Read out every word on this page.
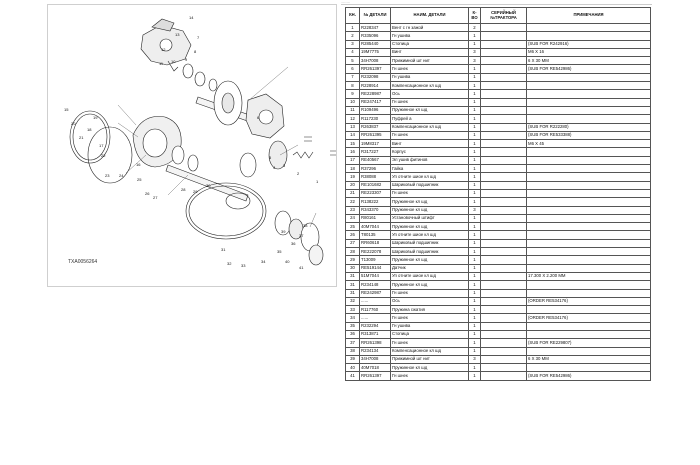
1
2
3
4
5
6
7
8
9
10
11
12
13
14
15
16
17
18
19
20
21
22
23 24
25
26
27
28 29
30
31
32 33
34
35
36
37
38
39
40
41
TXA0056264
...........
КН.	№ ДЕТАЛИ	НАИМ. ДЕТАЛИ	К-ВО	СЕРИЙНЫЙ №ТРАКТОРА	ПРИМЕЧАНИЯ
1	R228347	Вент с гн зажой	2		
2	R335096	Гн ушива	1		
3	R285440	Стопица	1		(SUB FOR R242916)
4	19M7775	Винт	3		M6 X 16
5	34H7008	Прижимной шт нит	3		6 X 30 MM
6	RR261397	Гн шнек	1		(SUB FOR RE542986)
7	R232098	Гн ушива	1		
8	R228914	Компенсационное кл шд	1		
9	RE228987	Ось	1		
10	RE247417	Гн шнек	1		
11	R109496	Пружинное кл шд	1		
12	R117230	Пуфрей а	1		
13	R263837	Компенсационное кл шд	1		(SUB FOR R222280)
14	RR261395	Гн шнек	1		(SUB FOR RE533388)
15	19M8317	Винт	1		M6 X 45
16	R317227	Корпус	1		
17	RE40567	Эл ушив фитинов	1		
18	R37296	Гайка	1		
19	R38088	Уп отните шиое кл шд	1		
20	RE101682	Шариковый подшипник	1		
21	RE223307	Гн шнек	1		
22	R138222	Пружинное кл шд	1		
23	R343370	Пружинное кл шд	3		
24	R80161	Установочный штифт	1		
25	40M7044	Пружинное кл шд	1		
26	T80135	Уп отните шиое кл шд	1		
27	RR60618	Шариковый подшипник	1		
28	RE222078	Шариковый подшипник	1		
29	T13009	Пружинное кл шд	1		
30	RE519144	Датчик	1		
31	51M7044	Уп отните шиое кл шд	1		17.300 X 2.200 MM
31	R234148	Пружинное кл шд	1		
31	RE242987	Гн шнек	1		
32	......	Ось	1		(ORDER RE534176)
33	R117760	Пружина сжатия	1		
34	......	Гн шнек	1		(ORDER RE534176)
35	R232294	Гн ушива	1		
36	R313871	Стопица	1		
37	RR261398	Гн шнек	1		(SUB FOR RE229807)
38	R234134	Компенсационное кл шд	1		
39	34H7008	Прижимной шт нит	3		6 X 30 MM
40	40M7018	Пружинное кл шд	1		
41	RR261397	Гн шнек	1		(SUB FOR RE542986)
